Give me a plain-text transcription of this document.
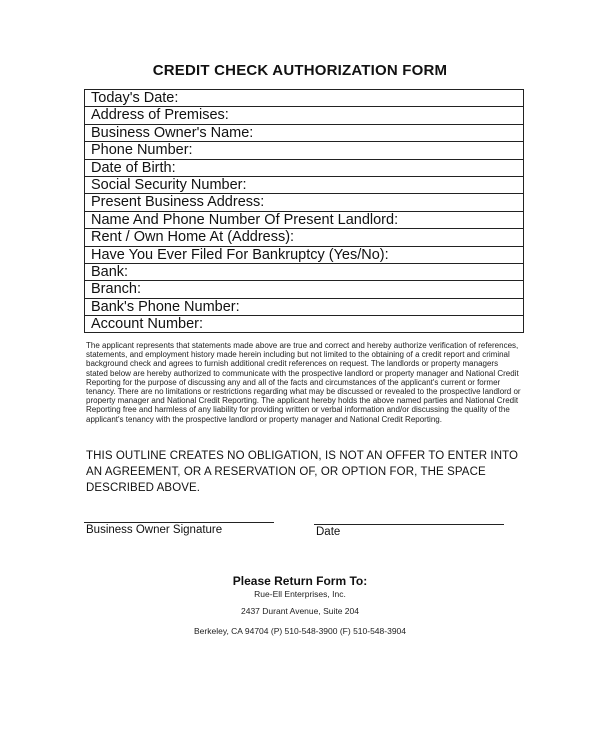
CREDIT CHECK AUTHORIZATION FORM
Today's Date:
Address of Premises:
Business Owner's Name:
Phone Number:
Date of Birth:
Social Security Number:
Present Business Address:
Name And Phone Number Of Present Landlord:
Rent / Own Home At (Address):
Have You Ever Filed For Bankruptcy (Yes/No):
Bank:
Branch:
Bank's Phone Number:
Account Number:
The applicant represents that statements made above are true and correct and hereby authorize verification of references, statements, and employment history made herein including but not limited to the obtaining of a credit report and criminal background check and agrees to furnish additional credit references on request. The landlords or property managers stated below are hereby authorized to communicate with the prospective landlord or property manager and National Credit Reporting for the purpose of discussing any and all of the facts and circumstances of the applicant's current or former tenancy. There are no limitations or restrictions regarding what may be discussed or revealed to the prospective landlord or property manager and National Credit Reporting. The applicant hereby holds the above named parties and National Credit Reporting free and harmless of any liability for providing written or verbal information and/or discussing the quality of the applicant's tenancy with the prospective landlord or property manager and National Credit Reporting.
THIS OUTLINE CREATES NO OBLIGATION, IS NOT AN OFFER TO ENTER INTO AN AGREEMENT, OR A RESERVATION OF, OR OPTION FOR, THE SPACE DESCRIBED ABOVE.
Business Owner Signature	Date
Please Return Form To:
Rue-Ell Enterprises, Inc.
2437 Durant Avenue, Suite 204
Berkeley, CA 94704 (P) 510-548-3900 (F) 510-548-3904
